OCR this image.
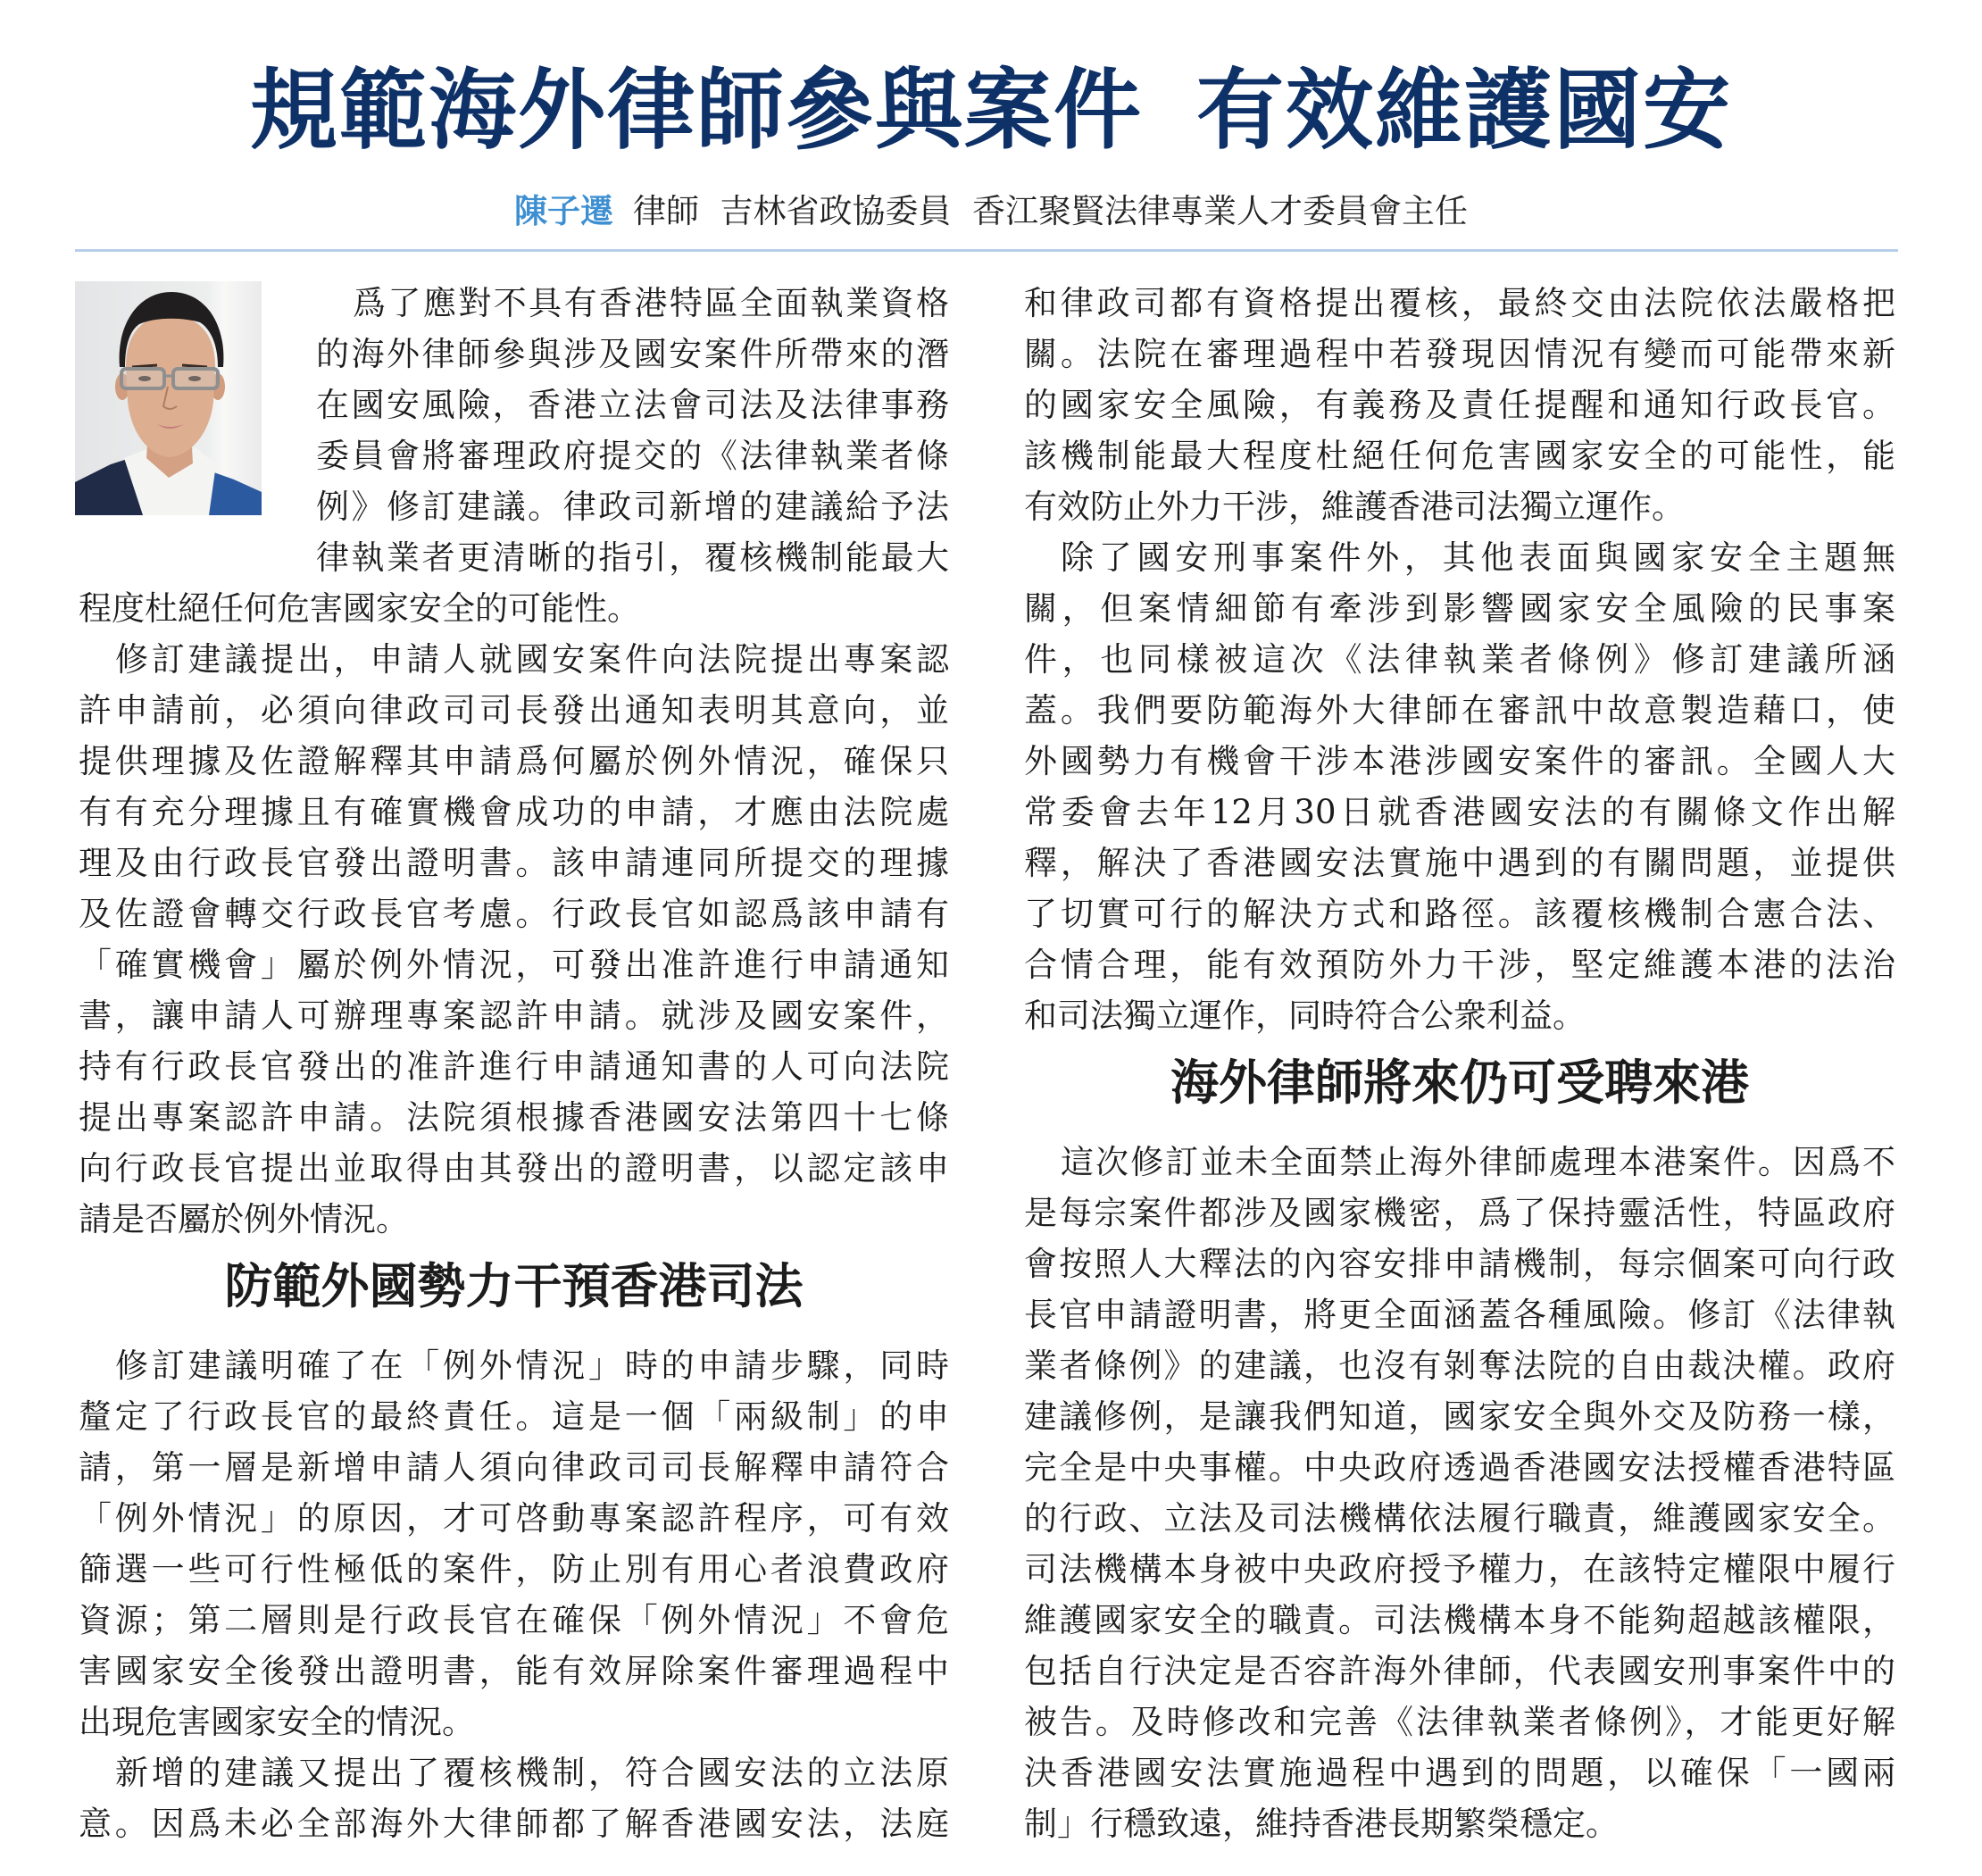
規範海外律師參與案件 有效維護國安
陳子遷 律師  吉林省政協委員  香江聚賢法律專業人才委員會主任
爲了應對不具有香港特區全面執業資格
的海外律師參與涉及國安案件所帶來的潛
在國安風險，香港立法會司法及法律事務
委員會將審理政府提交的《法律執業者條
例》修訂建議。律政司新增的建議給予法
律執業者更清晰的指引，覆核機制能最大
程度杜絕任何危害國家安全的可能性。
修訂建議提出，申請人就國安案件向法院提出專案認
許申請前，必須向律政司司長發出通知表明其意向，並
提供理據及佐證解釋其申請爲何屬於例外情況，確保只
有有充分理據且有確實機會成功的申請，才應由法院處
理及由行政長官發出證明書。該申請連同所提交的理據
及佐證會轉交行政長官考慮。行政長官如認爲該申請有
「確實機會」屬於例外情況，可發出准許進行申請通知
書，讓申請人可辦理專案認許申請。就涉及國安案件，
持有行政長官發出的准許進行申請通知書的人可向法院
提出專案認許申請。法院須根據香港國安法第四十七條
向行政長官提出並取得由其發出的證明書，以認定該申
請是否屬於例外情況。
防範外國勢力干預香港司法
修訂建議明確了在「例外情況」時的申請步驟，同時
釐定了行政長官的最終責任。這是一個「兩級制」的申
請，第一層是新增申請人須向律政司司長解釋申請符合
「例外情況」的原因，才可啓動專案認許程序，可有效
篩選一些可行性極低的案件，防止別有用心者浪費政府
資源；第二層則是行政長官在確保「例外情況」不會危
害國家安全後發出證明書，能有效屏除案件審理過程中
出現危害國家安全的情況。
新增的建議又提出了覆核機制，符合國安法的立法原
意。因爲未必全部海外大律師都了解香港國安法，法庭
和律政司都有資格提出覆核，最終交由法院依法嚴格把
關。法院在審理過程中若發現因情況有變而可能帶來新
的國家安全風險，有義務及責任提醒和通知行政長官。
該機制能最大程度杜絕任何危害國家安全的可能性，能
有效防止外力干涉，維護香港司法獨立運作。
除了國安刑事案件外，其他表面與國家安全主題無
關，但案情細節有牽涉到影響國家安全風險的民事案
件，也同樣被這次《法律執業者條例》修訂建議所涵
蓋。我們要防範海外大律師在審訊中故意製造藉口，使
外國勢力有機會干涉本港涉國安案件的審訊。全國人大
常委會去年12月30日就香港國安法的有關條文作出解
釋，解決了香港國安法實施中遇到的有關問題，並提供
了切實可行的解決方式和路徑。該覆核機制合憲合法、
合情合理，能有效預防外力干涉，堅定維護本港的法治
和司法獨立運作，同時符合公衆利益。
海外律師將來仍可受聘來港
這次修訂並未全面禁止海外律師處理本港案件。因爲不
是每宗案件都涉及國家機密，爲了保持靈活性，特區政府
會按照人大釋法的內容安排申請機制，每宗個案可向行政
長官申請證明書，將更全面涵蓋各種風險。修訂《法律執
業者條例》的建議，也沒有剝奪法院的自由裁決權。政府
建議修例，是讓我們知道，國家安全與外交及防務一樣，
完全是中央事權。中央政府透過香港國安法授權香港特區
的行政、立法及司法機構依法履行職責，維護國家安全。
司法機構本身被中央政府授予權力，在該特定權限中履行
維護國家安全的職責。司法機構本身不能夠超越該權限，
包括自行決定是否容許海外律師，代表國安刑事案件中的
被告。及時修改和完善《法律執業者條例》，才能更好解
決香港國安法實施過程中遇到的問題，以確保「一國兩
制」行穩致遠，維持香港長期繁榮穩定。
